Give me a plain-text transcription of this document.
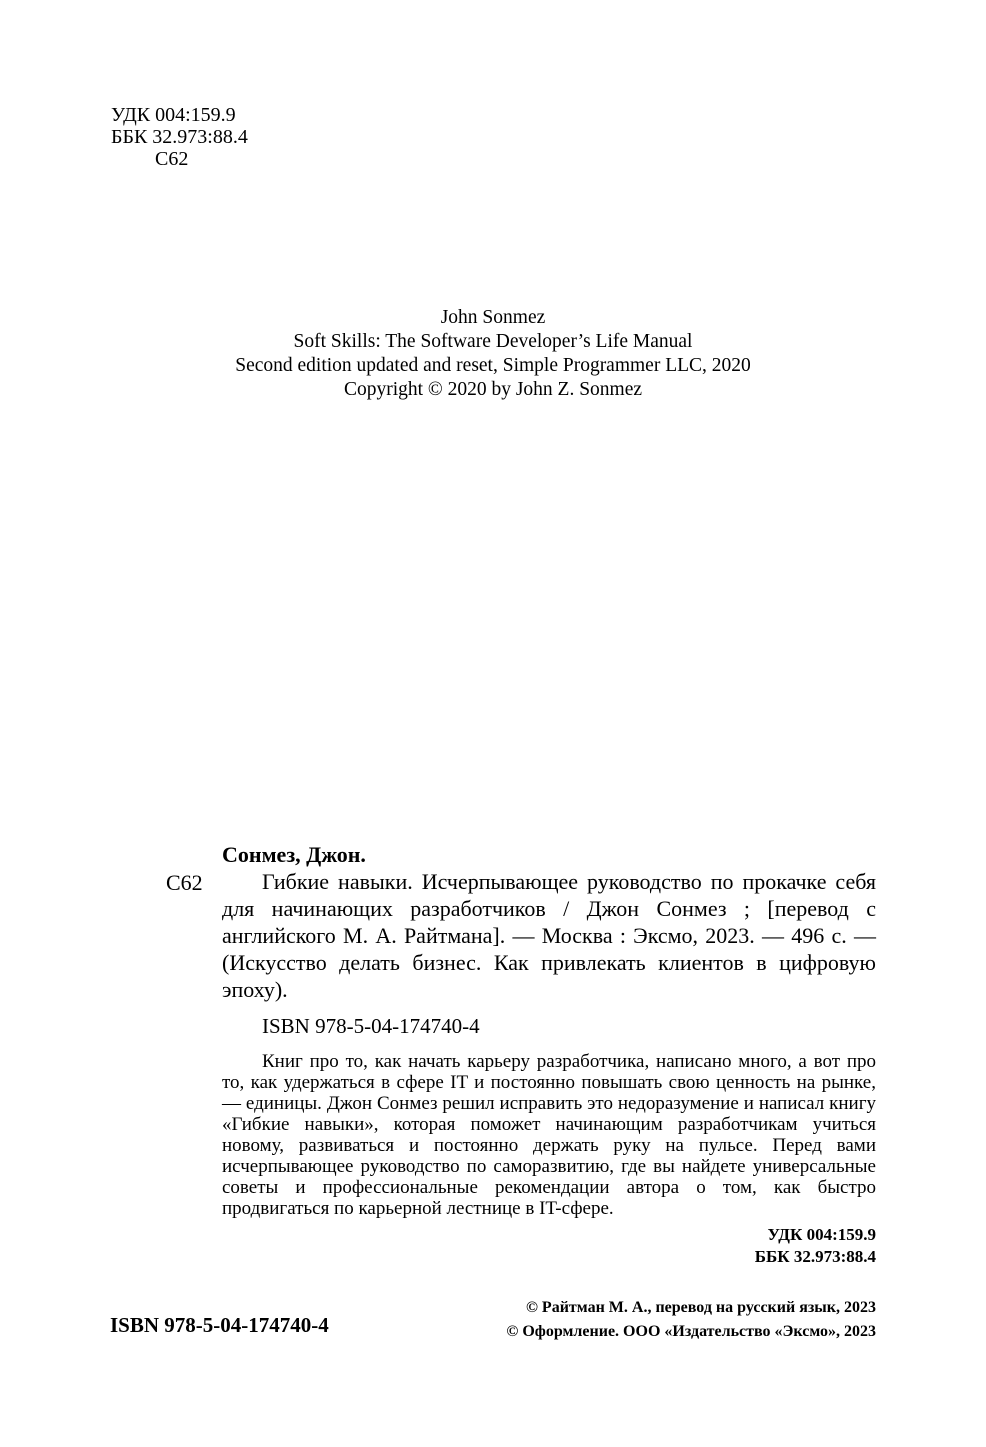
УДК 004:159.9
ББК 32.973:88.4
С62
John Sonmez
Soft Skills: The Software Developer’s Life Manual
Second edition updated and reset, Simple Programmer LLC, 2020
Copyright © 2020 by John Z. Sonmez
Сонмез, Джон.
С62	Гибкие навыки. Исчерпывающее руководство по прокачке себя для начинающих разработчиков / Джон Сонмез ; [перевод с английского М. А. Райтмана]. — Москва : Эксмо, 2023. — 496 с. — (Искусство делать бизнес. Как привлекать клиентов в цифровую эпоху).
ISBN 978-5-04-174740-4
Книг про то, как начать карьеру разработчика, написано много, а вот про то, как удержаться в сфере IT и постоянно повышать свою ценность на рынке, — единицы. Джон Сонмез решил исправить это недоразумение и написал книгу «Гибкие навыки», которая поможет начинающим разработчикам учиться новому, развиваться и постоянно держать руку на пульсе. Перед вами исчерпывающее руководство по саморазвитию, где вы найдете универсальные советы и профессиональные рекомендации автора о том, как быстро продвигаться по карьерной лестнице в IT-сфере.
УДК 004:159.9
ББК 32.973:88.4
ISBN 978-5-04-174740-4
© Райтман М. А., перевод на русский язык, 2023
© Оформление. ООО «Издательство «Эксмо», 2023
